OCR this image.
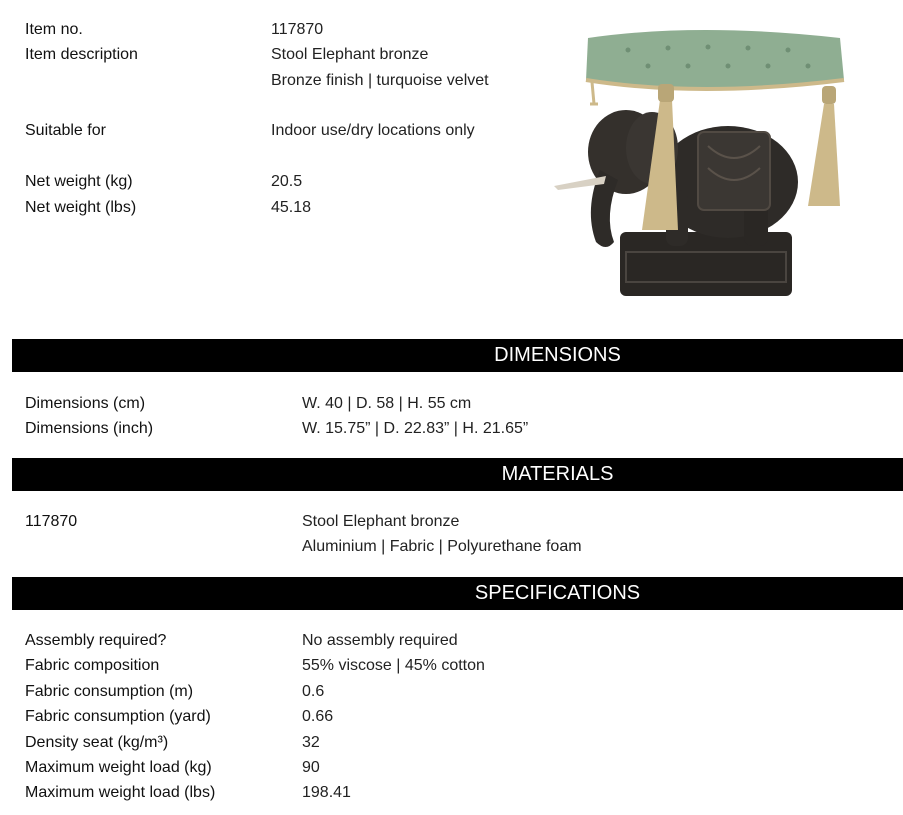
Item no.	117870
Item description	Stool Elephant bronze
Bronze finish | turquoise velvet
Suitable for	Indoor use/dry locations only
Net weight (kg)	20.5
Net weight (lbs)	45.18
DIMENSIONS
Dimensions (cm)	W. 40 | D. 58 | H. 55 cm
Dimensions (inch)	W. 15.75” | D. 22.83” | H. 21.65”
MATERIALS
117870	Stool Elephant bronze
Aluminium | Fabric | Polyurethane foam
SPECIFICATIONS
Assembly required?	No assembly required
Fabric composition	55% viscose | 45% cotton
Fabric consumption (m)	0.6
Fabric consumption (yard)	0.66
Density seat (kg/m³)	32
Maximum weight load (kg)	90
Maximum weight load (lbs)	198.41
